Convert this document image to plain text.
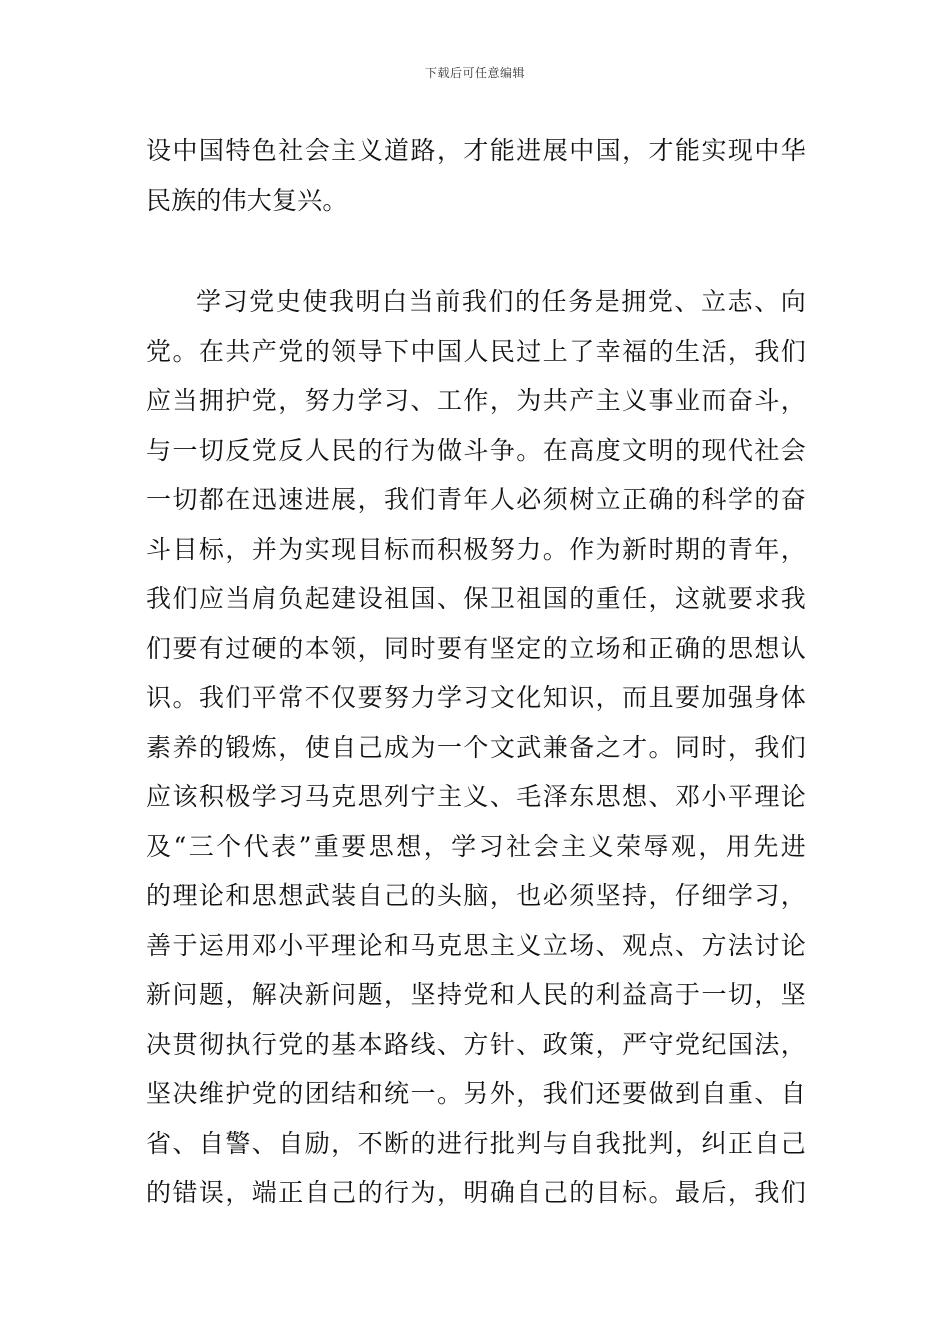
下载后可任意编辑
设中国特色社会主义道路，才能进展中国，才能实现中华
民族的伟大复兴。
学习党史使我明白当前我们的任务是拥党、立志、向
党。在共产党的领导下中国人民过上了幸福的生活，我们
应当拥护党，努力学习、工作，为共产主义事业而奋斗，
与一切反党反人民的行为做斗争。在高度文明的现代社会
一切都在迅速进展，我们青年人必须树立正确的科学的奋
斗目标，并为实现目标而积极努力。作为新时期的青年，
我们应当肩负起建设祖国、保卫祖国的重任，这就要求我
们要有过硬的本领，同时要有坚定的立场和正确的思想认
识。我们平常不仅要努力学习文化知识，而且要加强身体
素养的锻炼，使自己成为一个文武兼备之才。同时，我们
应该积极学习马克思列宁主义、毛泽东思想、邓小平理论
及“三个代表”重要思想，学习社会主义荣辱观，用先进
的理论和思想武装自己的头脑，也必须坚持，仔细学习，
善于运用邓小平理论和马克思主义立场、观点、方法讨论
新问题，解决新问题，坚持党和人民的利益高于一切，坚
决贯彻执行党的基本路线、方针、政策，严守党纪国法，
坚决维护党的团结和统一。另外，我们还要做到自重、自
省、自警、自励，不断的进行批判与自我批判，纠正自己
的错误，端正自己的行为，明确自己的目标。最后，我们
